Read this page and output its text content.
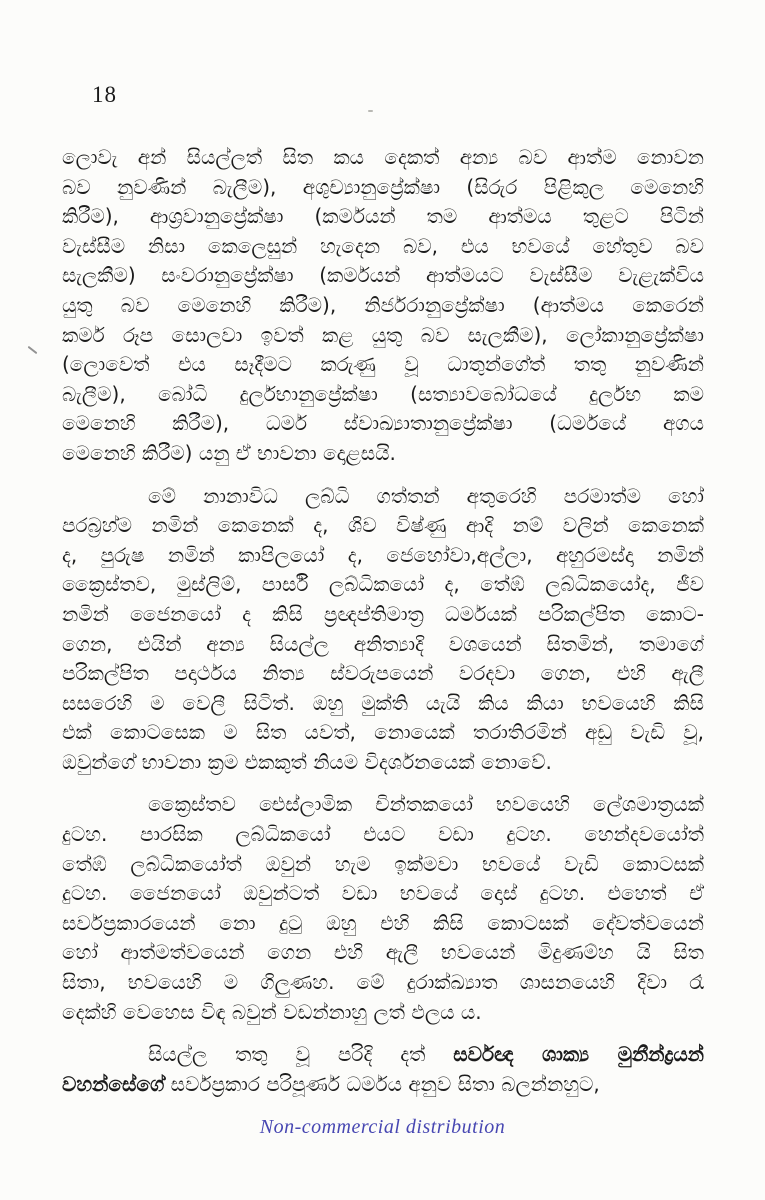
18
ලොවැ අන් සියල්ලත් සිත කය දෙකත් අන්‍ය බව ආත්ම නොවන
බව නුවණින් බැලීම), අශුච්‍යානුප්‍රේක්ෂා (සිරුර පිළිකුල මෙනෙහි
කිරීම), ආශ්‍රවානුප්‍රේක්ෂා (කර්මයන් තම ආත්මය තුළට පිටින්
වැස්සීම නිසා කෙලෙසුන් හැදෙන බව, එය භවයේ හේතුව බව
සැලකීම) සංවරානුප්‍රේක්ෂා (කර්මයන් ආත්මයට වැස්සීම වැළැක්විය
යුතු බව මෙනෙහි කිරීම), නිර්ජරානුප්‍රේක්ෂා (ආත්මය කෙරෙන්
කර්ම රූප සොලවා ඉවත් කළ යුතු බව සැලකීම), ලෝකානුප්‍රේක්ෂා
(ලොවෙත් එය සෑදීමට කරුණු වූ ධාතුන්ගේත් තතු නුවණින්
බැලීම), බෝධි දුර්ලභානුප්‍රේක්ෂා (සත්‍යාවබෝධයේ දුර්ලභ කම
මෙනෙහි කිරීම), ධර්ම ස්වාඛ්‍යාතානුප්‍රේක්ෂා (ධර්මයේ අගය
මෙනෙහි කිරීම) යනු ඒ භාවනා දොළසයි.
මේ නානාවිධ ලබ්ධි ගත්තන් අතුරෙහි පරමාත්ම හෝ
පරබ්‍රහ්ම නමින් කෙනෙක් ද, ශිව විෂ්ණු ආදි නම් වලින් කෙනෙක්
ද, පුරුෂ නමින් කාපිලයෝ ද, ජෙහෝවා,අල්ලා, අහුරමස්දා නමින්
ක්‍රෛස්තව, මුස්ලිම්, පාර්සි ලබ්ධිකයෝ ද, තේඹ් ලබ්ධිකයෝද, ජීව
නමින් ජෛනයෝ ද කිසි ප්‍රඥප්තිමාත්‍ර ධර්මයක් පරිකල්පිත කොට-
ගෙන, එයින් අන්‍ය සියල්ල අනිත්‍යාදි වශයෙන් සිතමින්, තමාගේ
පරිකල්පිත පදාර්ථය නිත්‍ය ස්වරුපයෙන් වරදවා ගෙන, එහි ඇලී
සසරෙහි ම වෙලී සිටිත්. ඔහු මුක්ති යැයි කිය කියා භවයෙහි කිසි
එක් කොටසෙක ම සිත යවත්, නොයෙක් තරාතිරමින් අඩු වැඩි වූ,
ඔවුන්ගේ භාවනා ක්‍රම එකකුත් නියම විදර්ශනයෙක් නොවේ.
ක්‍රෛස්තව ඓස්ලාමික චින්තකයෝ භවයෙහි ලේශමාත්‍රයක්
දුටහ. පාරසික ලබ්ධිකයෝ එයට වඩා දුටහ. හෙන්දවයෝත්
තේඹ් ලබ්ධිකයෝත් ඔවුන් හැම ඉක්මවා භවයේ වැඩි කොටසක්
දුටහ. ජෛනයෝ ඔවුන්ටත් වඩා භවයේ දොස් දුටහ. එහෙත් ඒ
සර්වප්‍රකාරයෙන් නො දුටු ඔහු එහි කිසි කොටසක් දේවත්වයෙන්
හෝ ආත්මත්වයෙන් ගෙන එහි ඇලී භවයෙන් මිදුණම්හ යි සිත
සිතා, භවයෙහි ම ගිලුණහ. මේ දුරාක්ඛ්‍යාත ශාසනයෙහි දිවා රෑ
දෙක්හි වෙහෙස විඳ බවුන් වඩන්නාහු ලත් ඵලය ය.
සියල්ල තතු වූ පරිදි දත් සර්වඥ ශාක්‍ය මුනීන්ද්‍රයන්
වහන්සේගේ සර්වප්‍රකාර පරිපූර්ණ ධර්මය අනුව සිතා බලන්නහුට,
Non-commercial distribution
